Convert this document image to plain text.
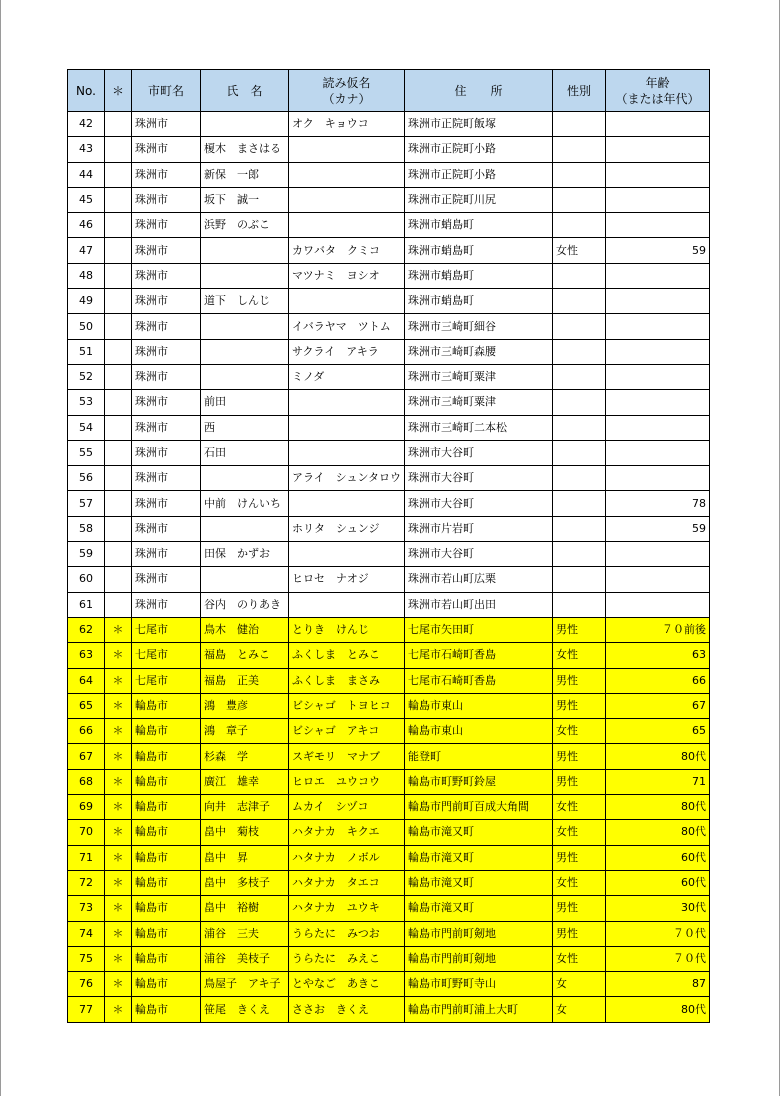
No.	＊	市町名	氏　名	読み仮名
（カナ）	住　　所	性別	年齢
（または年代）

42		珠洲市		オク　キョウコ	珠洲市正院町飯塚		
43		珠洲市	榎木　まさはる		珠洲市正院町小路		
44		珠洲市	新保　一郎		珠洲市正院町小路		
45		珠洲市	坂下　誠一		珠洲市正院町川尻		
46		珠洲市	浜野　のぶこ		珠洲市蛸島町		
47		珠洲市		カワバタ　クミコ	珠洲市蛸島町	女性	59
48		珠洲市		マツナミ　ヨシオ	珠洲市蛸島町		
49		珠洲市	道下　しんじ		珠洲市蛸島町		
50		珠洲市		イバラヤマ　ツトム	珠洲市三崎町細谷		
51		珠洲市		サクライ　アキラ	珠洲市三崎町森腰		
52		珠洲市		ミノダ	珠洲市三崎町粟津		
53		珠洲市	前田		珠洲市三崎町粟津		
54		珠洲市	西		珠洲市三崎町二本松		
55		珠洲市	石田		珠洲市大谷町		
56		珠洲市		アライ　シュンタロウ	珠洲市大谷町		
57		珠洲市	中前　けんいち		珠洲市大谷町		78
58		珠洲市		ホリタ　シュンジ	珠洲市片岩町		59
59		珠洲市	田保　かずお		珠洲市大谷町		
60		珠洲市		ヒロセ　ナオジ	珠洲市若山町広栗		
61		珠洲市	谷内　のりあき		珠洲市若山町出田		
62	＊	七尾市	鳥木　健治	とりき　けんじ	七尾市矢田町	男性	７０前後
63	＊	七尾市	福島　とみこ	ふくしま　とみこ	七尾市石崎町香島	女性	63
64	＊	七尾市	福島　正美	ふくしま　まさみ	七尾市石崎町香島	男性	66
65	＊	輪島市	鴻　豊彦	ビシャゴ　トヨヒコ	輪島市東山	男性	67
66	＊	輪島市	鴻　章子	ビシャゴ　アキコ	輪島市東山	女性	65
67	＊	輪島市	杉森　学	スギモリ　マナブ	能登町	男性	80代
68	＊	輪島市	廣江　雄幸	ヒロエ　ユウコウ	輪島市町野町鈴屋	男性	71
69	＊	輪島市	向井　志津子	ムカイ　シヅコ	輪島市門前町百成大角間	女性	80代
70	＊	輪島市	畠中　菊枝	ハタナカ　キクエ	輪島市滝又町	女性	80代
71	＊	輪島市	畠中　昇	ハタナカ　ノボル	輪島市滝又町	男性	60代
72	＊	輪島市	畠中　多枝子	ハタナカ　タエコ	輪島市滝又町	女性	60代
73	＊	輪島市	畠中　裕樹	ハタナカ　ユウキ	輪島市滝又町	男性	30代
74	＊	輪島市	浦谷　三夫	うらたに　みつお	輪島市門前町剱地	男性	７０代
75	＊	輪島市	浦谷　美枝子	うらたに　みえこ	輪島市門前町剱地	女性	７０代
76	＊	輪島市	鳥屋子　アキ子	とやなご　あきこ	輪島市町野町寺山	女	87
77	＊	輪島市	笹尾　きくえ	ささお　きくえ	輪島市門前町浦上大町	女	80代
